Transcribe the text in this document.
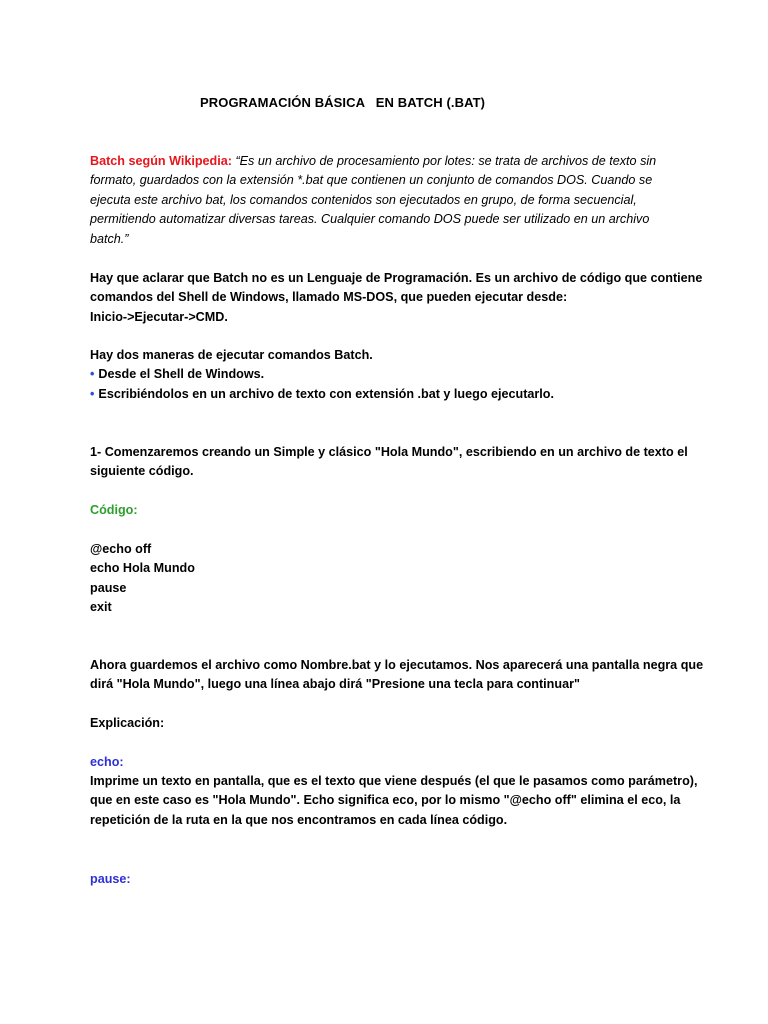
PROGRAMACIÓN BÁSICA   EN BATCH (.BAT)
Batch según Wikipedia: “Es un archivo de procesamiento por lotes: se trata de archivos de texto sin
formato, guardados con la extensión *.bat que contienen un conjunto de comandos DOS. Cuando se
ejecuta este archivo bat, los comandos contenidos son ejecutados en grupo, de forma secuencial,
permitiendo automatizar diversas tareas. Cualquier comando DOS puede ser utilizado en un archivo
batch.”
Hay que aclarar que Batch no es un Lenguaje de Programación. Es un archivo de código que contiene
comandos del Shell de Windows, llamado MS-DOS, que pueden ejecutar desde:
Inicio->Ejecutar->CMD.
Hay dos maneras de ejecutar comandos Batch.
• Desde el Shell de Windows.
• Escribiéndolos en un archivo de texto con extensión .bat y luego ejecutarlo.
1- Comenzaremos creando un Simple y clásico "Hola Mundo", escribiendo en un archivo de texto el
siguiente código.
Código:
@echo off
echo Hola Mundo
pause
exit
Ahora guardemos el archivo como Nombre.bat y lo ejecutamos. Nos aparecerá una pantalla negra que
dirá "Hola Mundo", luego una línea abajo dirá "Presione una tecla para continuar"
Explicación:
echo:
Imprime un texto en pantalla, que es el texto que viene después (el que le pasamos como parámetro),
que en este caso es "Hola Mundo". Echo significa eco, por lo mismo "@echo off" elimina el eco, la
repetición de la ruta en la que nos encontramos en cada línea código.
pause:
